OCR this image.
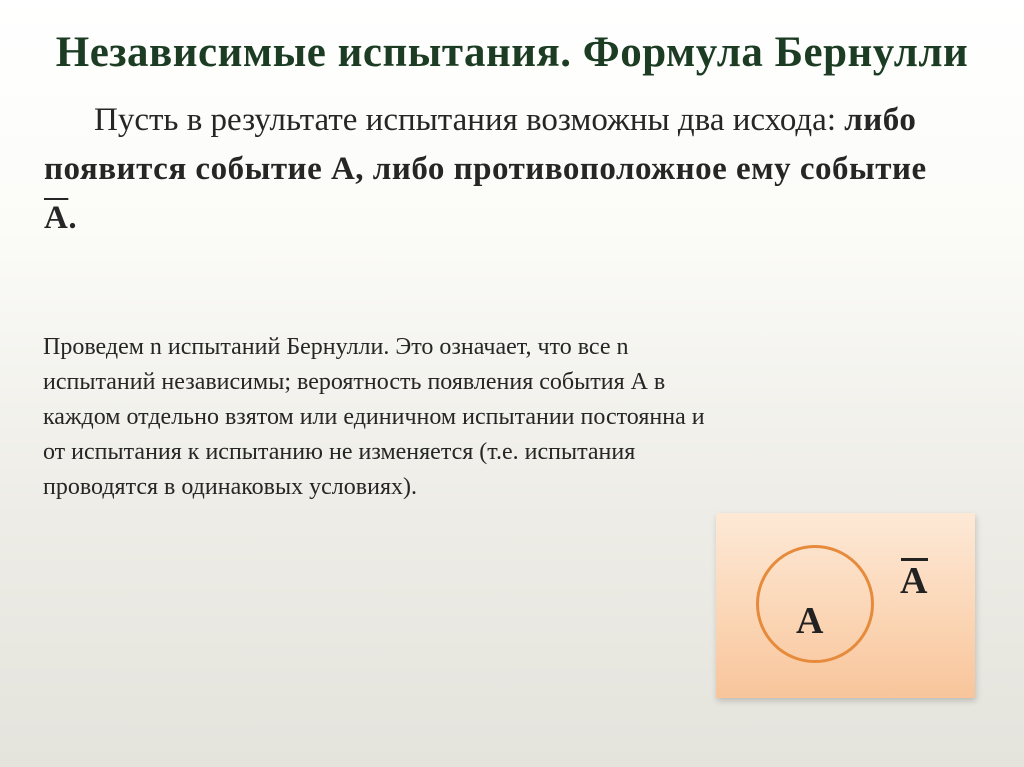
Независимые испытания. Формула Бернулли

Пусть в результате испытания возможны два исхода: либо появится событие А, либо противоположное ему событие А.

Проведем n испытаний Бернулли. Это означает, что все n испытаний независимы; вероятность появления события А в каждом отдельно взятом или единичном испытании постоянна и от испытания к испытанию не изменяется (т.е. испытания проводятся в одинаковых условиях).

А
А
